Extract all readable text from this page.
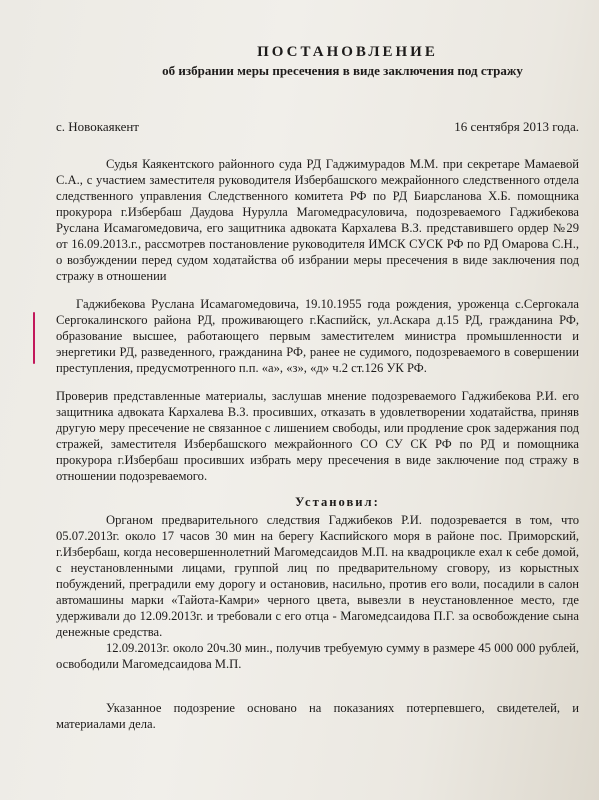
ПОСТАНОВЛЕНИЕ
об избрании меры пресечения в виде заключения под стражу
с. Новокаякент	16 сентября 2013 года.

Судья Каякентского районного суда РД Гаджимурадов М.М. при секретаре Мамаевой С.А., с участием заместителя руководителя Избербашского межрайонного следственного отдела следственного управления Следственного комитета РФ по РД Биарсланова Х.Б. помощника прокурора г.Избербаш Даудова Нурулла Магомедрасуловича, подозреваемого Гаджибекова Руслана Исамагомедовича, его защитника адвоката Кархалева В.З. представившего ордер №29 от 16.09.2013.г., рассмотрев постановление руководителя ИМСК СУСК РФ по РД Омарова С.Н., о возбуждении перед судом ходатайства об избрании меры пресечения в виде заключения под стражу в отношении

Гаджибекова Руслана Исамагомедовича, 19.10.1955 года рождения, уроженца с.Сергокала Сергокалинского района РД, проживающего г.Каспийск, ул.Аскара д.15 РД, гражданина РФ, образование высшее, работающего первым заместителем министра промышленности и энергетики РД, разведенного, гражданина РФ, ранее не судимого, подозреваемого в совершении преступления, предусмотренного п.п. «а», «з», «д» ч.2 ст.126 УК РФ.

Проверив представленные материалы, заслушав мнение подозреваемого Гаджибекова Р.И. его защитника адвоката Кархалева В.З. просивших, отказать в удовлетворении ходатайства, приняв другую меру пресечение не связанное с лишением свободы, или продление срок задержания под стражей, заместителя Избербашского межрайонного СО СУ СК РФ по РД и помощника прокурора г.Избербаш просивших избрать меру пресечения в виде заключение под стражу в отношении подозреваемого.

Установил:

Органом предварительного следствия Гаджибеков Р.И. подозревается в том, что 05.07.2013г. около 17 часов 30 мин на берегу Каспийского моря в районе пос. Приморский, г.Избербаш, когда несовершеннолетний Магомедсаидов М.П. на квадроцикле ехал к себе домой, с неустановленными лицами, группой лиц по предварительному сговору, из корыстных побуждений, преградили ему дорогу и остановив, насильно, против его воли, посадили в салон автомашины марки «Тайота-Камри» черного цвета, вывезли в неустановленное место, где удерживали до 12.09.2013г. и требовали с его отца - Магомедсаидова П.Г. за освобождение сына денежные средства.

12.09.2013г. около 20ч.30 мин., получив требуемую сумму в размере 45 000 000 рублей, освободили Магомедсаидова М.П.

Указанное подозрение основано на показаниях потерпевшего, свидетелей, и материалами дела.
